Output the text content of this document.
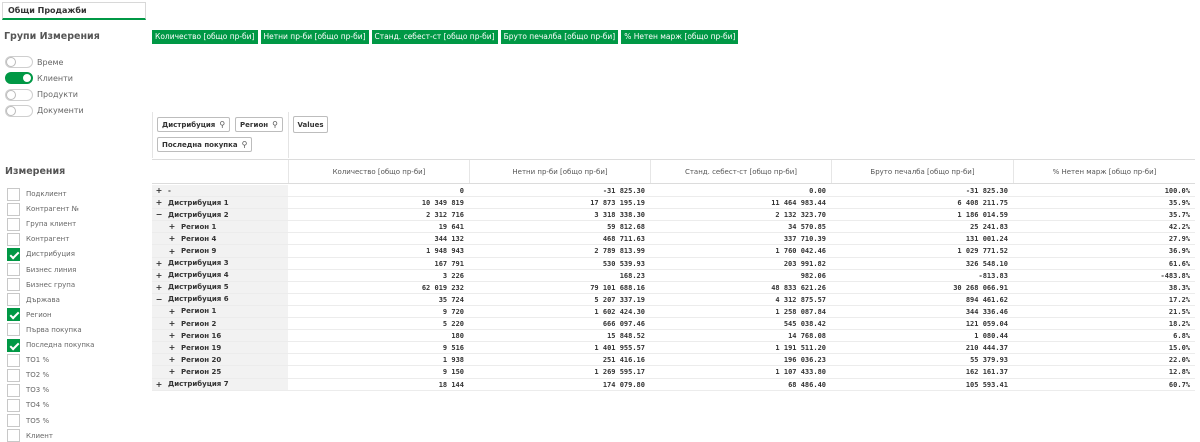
Общи Продажби
Групи Измерения
Време
Клиенти
Продукти
Документи
Измерения
Подклиент
Контрагент №
Група клиент
Контрагент
Дистрибуция
Бизнес линия
Бизнес група
Държава
Регион
Първа покупка
Последна покупка
TO1 %
TO2 %
TO3 %
TO4 %
TO5 %
Клиент
Количество [общо пр-би]	Нетни пр-би [общо пр-би]	Станд. себест-ст [общо пр-би]	Бруто печалба [общо пр-би]	% Нетен марж [общо пр-би]
Дистрибуция ⚲ Регион ⚲
Последна покупка ⚲
Values
Количество [общо пр-би]	Нетни пр-би [общо пр-би]	Станд. себест-ст [общо пр-би]	Бруто печалба [общо пр-би]	% Нетен марж [общо пр-би]
+ -	0	-31 825.30	0.00	-31 825.30	100.0%
+ Дистрибуция 1	10 349 819	17 873 195.19	11 464 983.44	6 408 211.75	35.9%
− Дистрибуция 2	2 312 716	3 318 338.30	2 132 323.70	1 186 014.59	35.7%
+ Регион 1	19 641	59 812.68	34 570.85	25 241.83	42.2%
+ Регион 4	344 132	468 711.63	337 710.39	131 001.24	27.9%
+ Регион 9	1 948 943	2 789 813.99	1 760 042.46	1 029 771.52	36.9%
+ Дистрибуция 3	167 791	530 539.93	203 991.82	326 548.10	61.6%
+ Дистрибуция 4	3 226	168.23	982.06	-813.83	-483.8%
+ Дистрибуция 5	62 019 232	79 101 688.16	48 833 621.26	30 268 066.91	38.3%
− Дистрибуция 6	35 724	5 207 337.19	4 312 875.57	894 461.62	17.2%
+ Регион 1	9 720	1 602 424.30	1 258 087.84	344 336.46	21.5%
+ Регион 2	5 220	666 097.46	545 038.42	121 059.04	18.2%
+ Регион 16	180	15 848.52	14 768.08	1 080.44	6.8%
+ Регион 19	9 516	1 401 955.57	1 191 511.20	210 444.37	15.0%
+ Регион 20	1 938	251 416.16	196 036.23	55 379.93	22.0%
+ Регион 25	9 150	1 269 595.17	1 107 433.80	162 161.37	12.8%
+ Дистрибуция 7	18 144	174 079.80	68 486.40	105 593.41	60.7%
